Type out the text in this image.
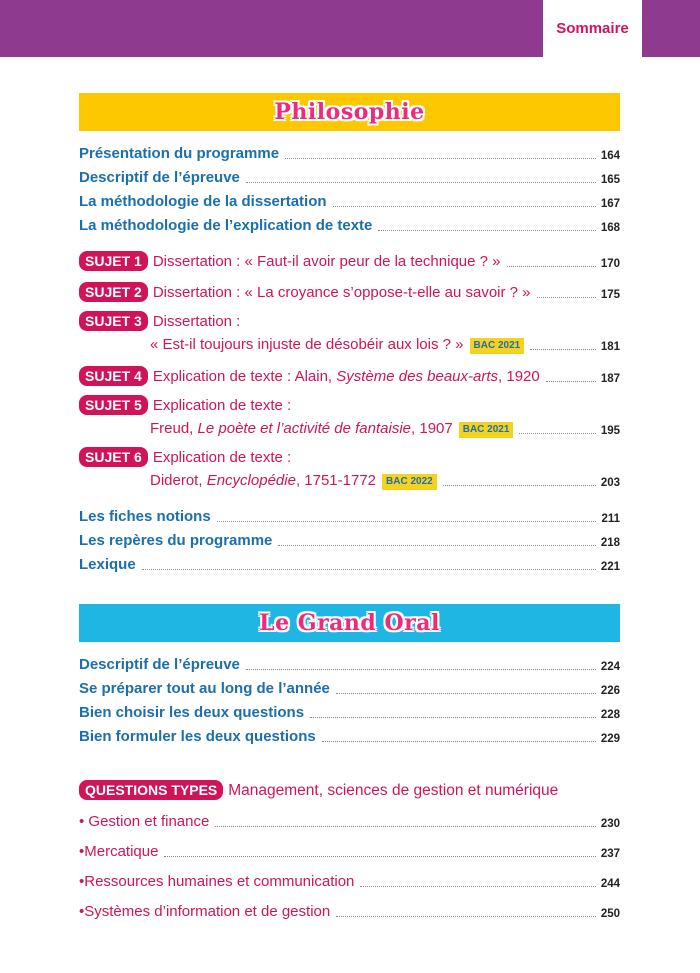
Sommaire
Philosophie
Présentation du programme	164
Descriptif de l’épreuve	165
La méthodologie de la dissertation	167
La méthodologie de l’explication de texte	168
SUJET 1 Dissertation : « Faut-il avoir peur de la technique ? »	170
SUJET 2 Dissertation : « La croyance s’oppose-t-elle au savoir ? »	175
SUJET 3 Dissertation :
« Est-il toujours injuste de désobéir aux lois ? »	BAC 2021	181
SUJET 4 Explication de texte : Alain, Système des beaux-arts, 1920	187
SUJET 5 Explication de texte :
Freud, Le poète et l’activité de fantaisie, 1907	BAC 2021	195
SUJET 6 Explication de texte :
Diderot, Encyclopédie, 1751-1772	BAC 2022	203
Les fiches notions	211
Les repères du programme	218
Lexique	221
Le Grand Oral
Descriptif de l’épreuve	224
Se préparer tout au long de l’année	226
Bien choisir les deux questions	228
Bien formuler les deux questions	229
QUESTIONS TYPES Management, sciences de gestion et numérique
• Gestion et finance	230
•Mercatique	237
•Ressources humaines et communication	244
•Systèmes d’information et de gestion	250
